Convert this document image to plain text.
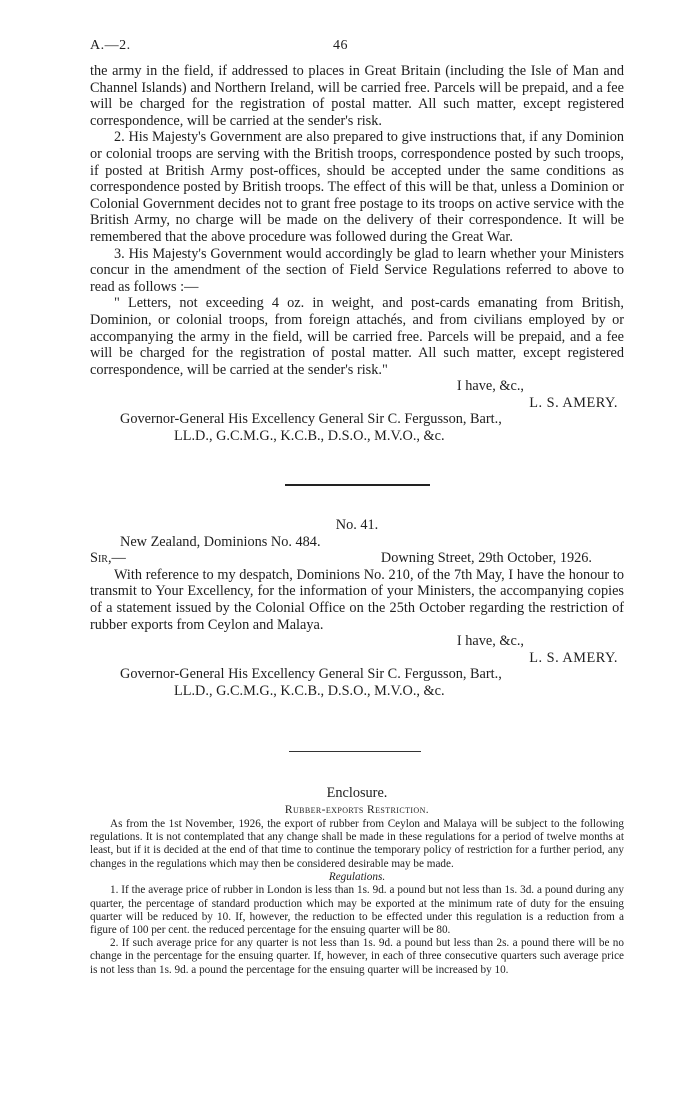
A.—2.	46

the army in the field, if addressed to places in Great Britain (including the Isle of Man and Channel Islands) and Northern Ireland, will be carried free. Parcels will be prepaid, and a fee will be charged for the registration of postal matter. All such matter, except registered correspondence, will be carried at the sender's risk.

2. His Majesty's Government are also prepared to give instructions that, if any Dominion or colonial troops are serving with the British troops, correspondence posted by such troops, if posted at British Army post-offices, should be accepted under the same conditions as correspondence posted by British troops. The effect of this will be that, unless a Dominion or Colonial Government decides not to grant free postage to its troops on active service with the British Army, no charge will be made on the delivery of their correspondence. It will be remembered that the above procedure was followed during the Great War.

3. His Majesty's Government would accordingly be glad to learn whether your Ministers concur in the amendment of the section of Field Service Regulations referred to above to read as follows :—

" Letters, not exceeding 4 oz. in weight, and post-cards emanating from British, Dominion, or colonial troops, from foreign attachés, and from civilians employed by or accompanying the army in the field, will be carried free. Parcels will be prepaid, and a fee will be charged for the registration of postal matter. All such matter, except registered correspondence, will be carried at the sender's risk."

I have, &c.,

L. S. AMERY.

Governor-General His Excellency General Sir C. Fergusson, Bart.,

LL.D., G.C.M.G., K.C.B., D.S.O., M.V.O., &c.

No. 41.

New Zealand, Dominions No. 484.

Sir,—	Downing Street, 29th October, 1926.

With reference to my despatch, Dominions No. 210, of the 7th May, I have the honour to transmit to Your Excellency, for the information of your Ministers, the accompanying copies of a statement issued by the Colonial Office on the 25th October regarding the restriction of rubber exports from Ceylon and Malaya.

I have, &c.,

L. S. AMERY.

Governor-General His Excellency General Sir C. Fergusson, Bart.,

LL.D., G.C.M.G., K.C.B., D.S.O., M.V.O., &c.

Enclosure.

Rubber-exports Restriction.

As from the 1st November, 1926, the export of rubber from Ceylon and Malaya will be subject to the following regulations. It is not contemplated that any change shall be made in these regulations for a period of twelve months at least, but if it is decided at the end of that time to continue the temporary policy of restriction for a further period, any changes in the regulations which may then be considered desirable may be made.

Regulations.

1. If the average price of rubber in London is less than 1s. 9d. a pound but not less than 1s. 3d. a pound during any quarter, the percentage of standard production which may be exported at the minimum rate of duty for the ensuing quarter will be reduced by 10. If, however, the reduction to be effected under this regulation is a reduction from a figure of 100 per cent. the reduced percentage for the ensuing quarter will be 80.

2. If such average price for any quarter is not less than 1s. 9d. a pound but less than 2s. a pound there will be no change in the percentage for the ensuing quarter. If, however, in each of three consecutive quarters such average price is not less than 1s. 9d. a pound the percentage for the ensuing quarter will be increased by 10.
